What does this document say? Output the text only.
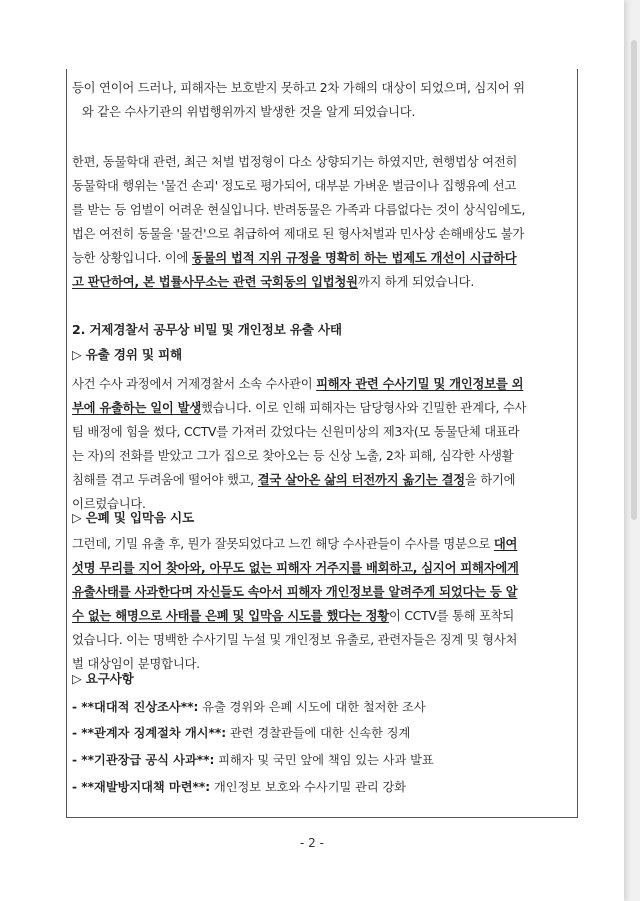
등이 연이어 드러나, 피해자는 보호받지 못하고 2차 가해의 대상이 되었으며, 심지어 위
와 같은 수사기관의 위법행위까지 발생한 것을 알게 되었습니다.
한편, 동물학대 관련, 최근 처벌 법정형이 다소 상향되기는 하였지만, 현행법상 여전히
동물학대 행위는 '물건 손괴' 정도로 평가되어, 대부분 가벼운 벌금이나 집행유예 선고
를 받는 등 엄벌이 어려운 현실입니다. 반려동물은 가족과 다름없다는 것이 상식임에도,
법은 여전히 동물을 '물건'으로 취급하여 제대로 된 형사처벌과 민사상 손해배상도 불가
능한 상황입니다. 이에 동물의 법적 지위 규정을 명확히 하는 법제도 개선이 시급하다
고 판단하여, 본 법률사무소는 관련 국회동의 입법청원까지 하게 되었습니다.
2. 거제경찰서 공무상 비밀 및 개인정보 유출 사태
▷ 유출 경위 및 피해
사건 수사 과정에서 거제경찰서 소속 수사관이 피해자 관련 수사기밀 및 개인정보를 외
부에 유출하는 일이 발생했습니다. 이로 인해 피해자는 담당형사와 긴밀한 관계다, 수사
팀 배정에 힘을 썼다, CCTV를 가져러 갔었다는 신원미상의 제3자(모 동물단체 대표라
는 자)의 전화를 받았고 그가 집으로 찾아오는 등 신상 노출, 2차 피해, 심각한 사생활
침해를 겪고 두려움에 떨어야 했고, 결국 살아온 삶의 터전까지 옮기는 결정을 하기에
이르렀습니다.
▷ 은폐 및 입막음 시도
그런데, 기밀 유출 후, 뭔가 잘못되었다고 느낀 해당 수사관들이 수사를 명분으로 대여
섯명 무리를 지어 찾아와, 아무도 없는 피해자 거주지를 배회하고, 심지어 피해자에게
유출사태를 사과한다며 자신들도 속아서 피해자 개인정보를 알려주게 되었다는 등 알
수 없는 해명으로 사태를 은폐 및 입막음 시도를 했다는 정황이 CCTV를 통해 포착되
었습니다. 이는 명백한 수사기밀 누설 및 개인정보 유출로, 관련자들은 징계 및 형사처
벌 대상임이 분명합니다.
▷ 요구사항
- **대대적 진상조사**: 유출 경위와 은폐 시도에 대한 철저한 조사
- **관계자 징계절차 개시**: 관련 경찰관들에 대한 신속한 징계
- **기관장급 공식 사과**: 피해자 및 국민 앞에 책임 있는 사과 발표
- **재발방지대책 마련**: 개인정보 보호와 수사기밀 관리 강화
- 2 -
